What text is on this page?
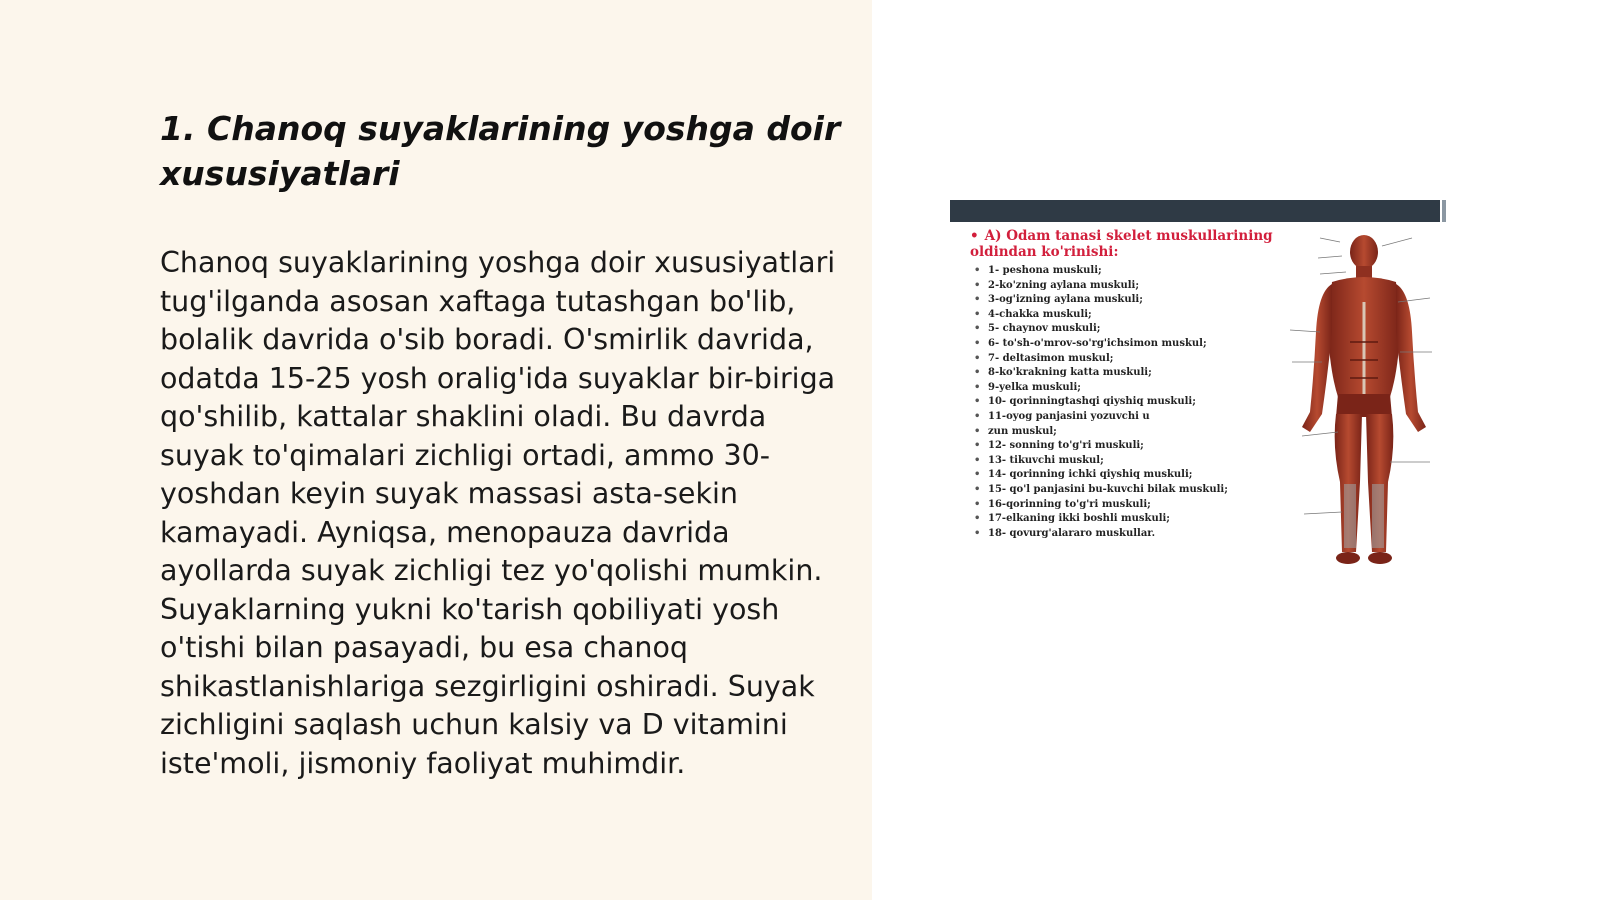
1. Chanoq suyaklarining yoshga doir xususiyatlari

Chanoq suyaklarining yoshga doir xususiyatlari tug'ilganda asosan xaftaga tutashgan bo'lib, bolalik davrida o'sib boradi. O'smirlik davrida, odatda 15-25 yosh oralig'ida suyaklar bir-biriga qo'shilib, kattalar shaklini oladi. Bu davrda suyak to'qimalari zichligi ortadi, ammo 30-yoshdan keyin suyak massasi asta-sekin kamayadi. Ayniqsa, menopauza davrida ayollarda suyak zichligi tez yo'qolishi mumkin. Suyaklarning yukni ko'tarish qobiliyati yosh o'tishi bilan pasayadi, bu esa chanoq shikastlanishlariga sezgirligini oshiradi. Suyak zichligini saqlash uchun kalsiy va D vitamini iste'moli, jismoniy faoliyat muhimdir.

• A) Odam tanasi skelet muskullarining oldindan ko'rinishi:
• 1- peshona muskuli;
• 2-ko'zning aylana muskuli;
• 3-og'izning aylana muskuli;
• 4-chakka muskuli;
• 5- chaynov muskuli;
• 6- to'sh-o'mrov-so'rg'ichsimon muskul;
• 7- deltasimon muskul;
• 8-ko'krakning katta muskuli;
• 9-yelka muskuli;
• 10- qorinningtashqi qiyshiq muskuli;
• 11-oyog panjasini yozuvchi u
• zun muskul;
• 12- sonning to'g'ri muskuli;
• 13- tikuvchi muskul;
• 14- qorinning ichki qiyshiq muskuli;
• 15- qo'l panjasini bu-kuvchi bilak muskuli;
• 16-qorinning to'g'ri muskuli;
• 17-elkaning ikki boshli muskuli;
• 18- qovurg'alararo muskullar.
